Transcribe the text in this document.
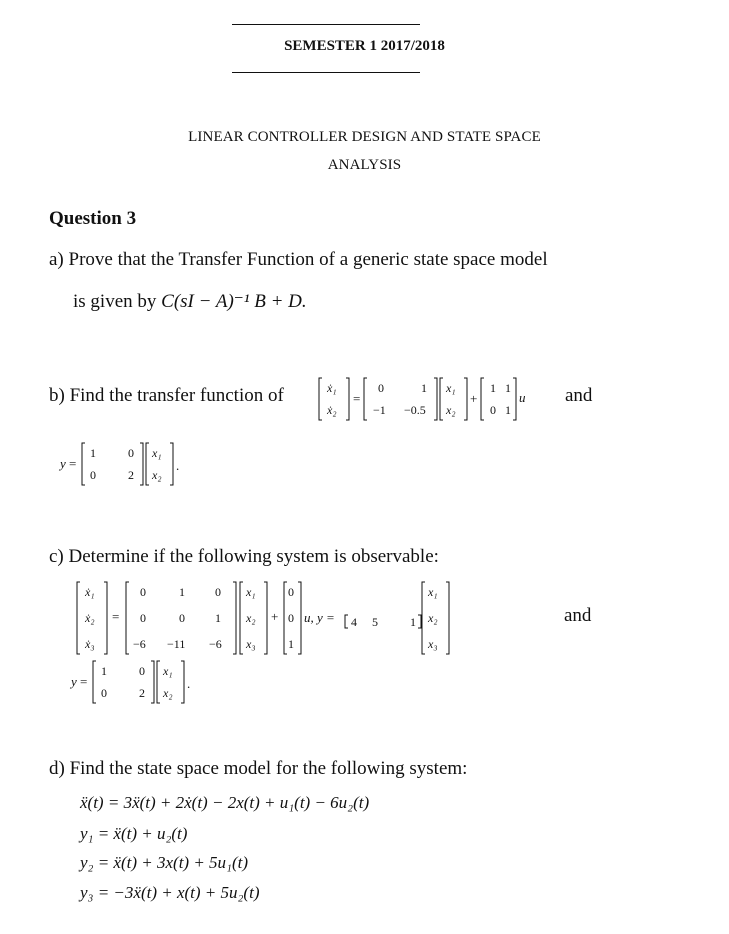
SEMESTER 1 2017/2018
LINEAR CONTROLLER DESIGN AND STATE SPACE
ANALYSIS
Question 3
a) Prove that the Transfer Function of a generic state space model
is given by C(sI − A)⁻¹ B + D.
b) Find the transfer function of	ẋ₁
ẋ₂
=
0	1
−1 −0.5
x₁
x₂
+
1 1
0 1
u and
y =
1	0
0	2
x₁
x₂
.
c) Determine if the following system is observable:
ẋ₁
ẋ₂
ẋ₃
=
0	1	0
0	0	1
−6 −11 −6
x₁
x₂
x₃
+
0
0
1
u, y = 4 5	1
x₁
x₂
x₃
and
y =
1	0
0	2
x₁
x₂
.
d) Find the state space model for the following system:
ẍ(t) = 3ẍ(t) + 2ẋ(t) − 2x(t) + u₁(t) − 6u₂(t)
y₁ = ẍ(t) + u₂(t)
y₂ = ẍ(t) + 3x(t) + 5u₁(t)
y₃ = −3ẍ(t) + x(t) + 5u₂(t)
